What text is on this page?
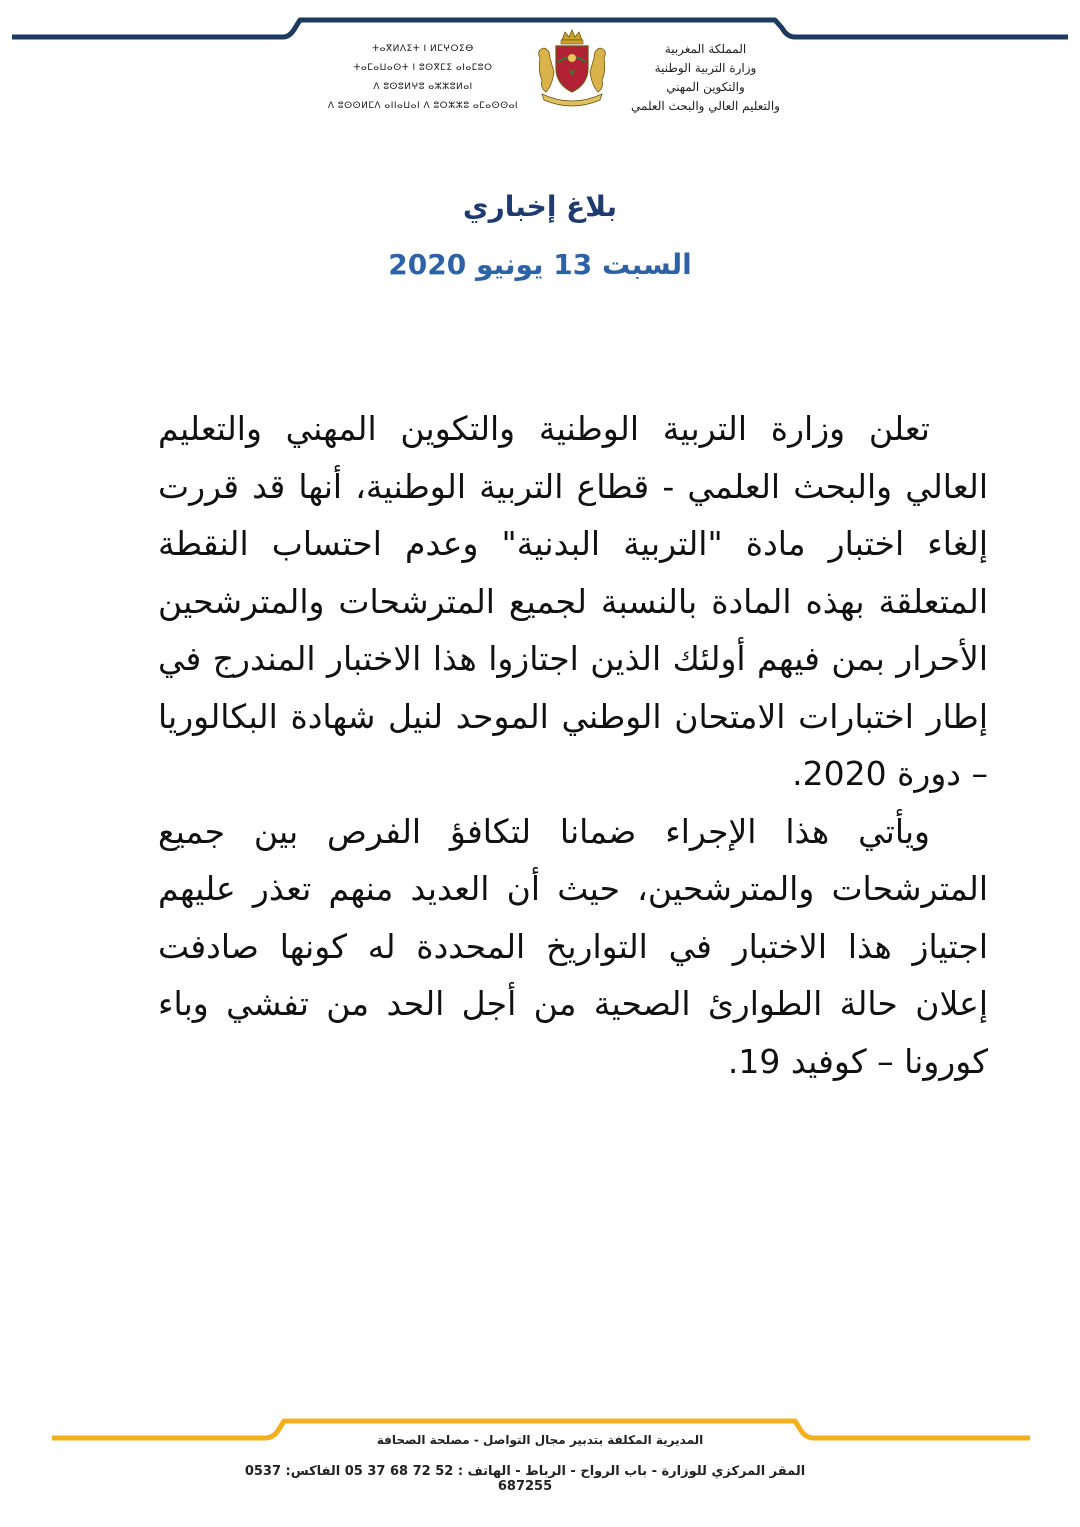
ⵜⴰⴳⵍⴷⵉⵜ ⵏ ⵍⵎⵖⵔⵉⴱ
ⵜⴰⵎⴰⵡⴰⵙⵜ ⵏ ⵓⵙⴳⵎⵉ ⴰⵏⴰⵎⵓⵔ
ⴷ ⵓⵙⵓⵍⵖⵓ ⴰⵣⵣⵓⵍⴰⵏ
ⴷ ⵓⵙⵙⵍⵎⴷ ⴰⵏⵏⴰⵡⴰⵏ ⴷ ⵓⵔⵣⵣⵓ ⴰⵎⴰⵙⵙⴰⵏ
المملكة المغربية
وزارة التربية الوطنية
والتكوين المهني
والتعليم العالي والبحث العلمي
بلاغ إخباري
السبت 13 يونيو 2020

تعلن وزارة التربية الوطنية والتكوين المهني والتعليم العالي والبحث العلمي - قطاع التربية الوطنية، أنها قد قررت إلغاء اختبار مادة "التربية البدنية" وعدم احتساب النقطة المتعلقة بهذه المادة بالنسبة لجميع المترشحات والمترشحين الأحرار بمن فيهم أولئك الذين اجتازوا هذا الاختبار المندرج في إطار اختبارات الامتحان الوطني الموحد لنيل شهادة البكالوريا – دورة 2020.

ويأتي هذا الإجراء ضمانا لتكافؤ الفرص بين جميع المترشحات والمترشحين، حيث أن العديد منهم تعذر عليهم اجتياز هذا الاختبار في التواريخ المحددة له كونها صادفت إعلان حالة الطوارئ الصحية من أجل الحد من تفشي وباء كورونا – كوفيد 19.

المديرية المكلفة بتدبير مجال التواصل - مصلحة الصحافة
المقر المركزي للوزارة - باب الرواح - الرباط - الهاتف : 52 72 68 37 05 الفاكس: 0537 687255
